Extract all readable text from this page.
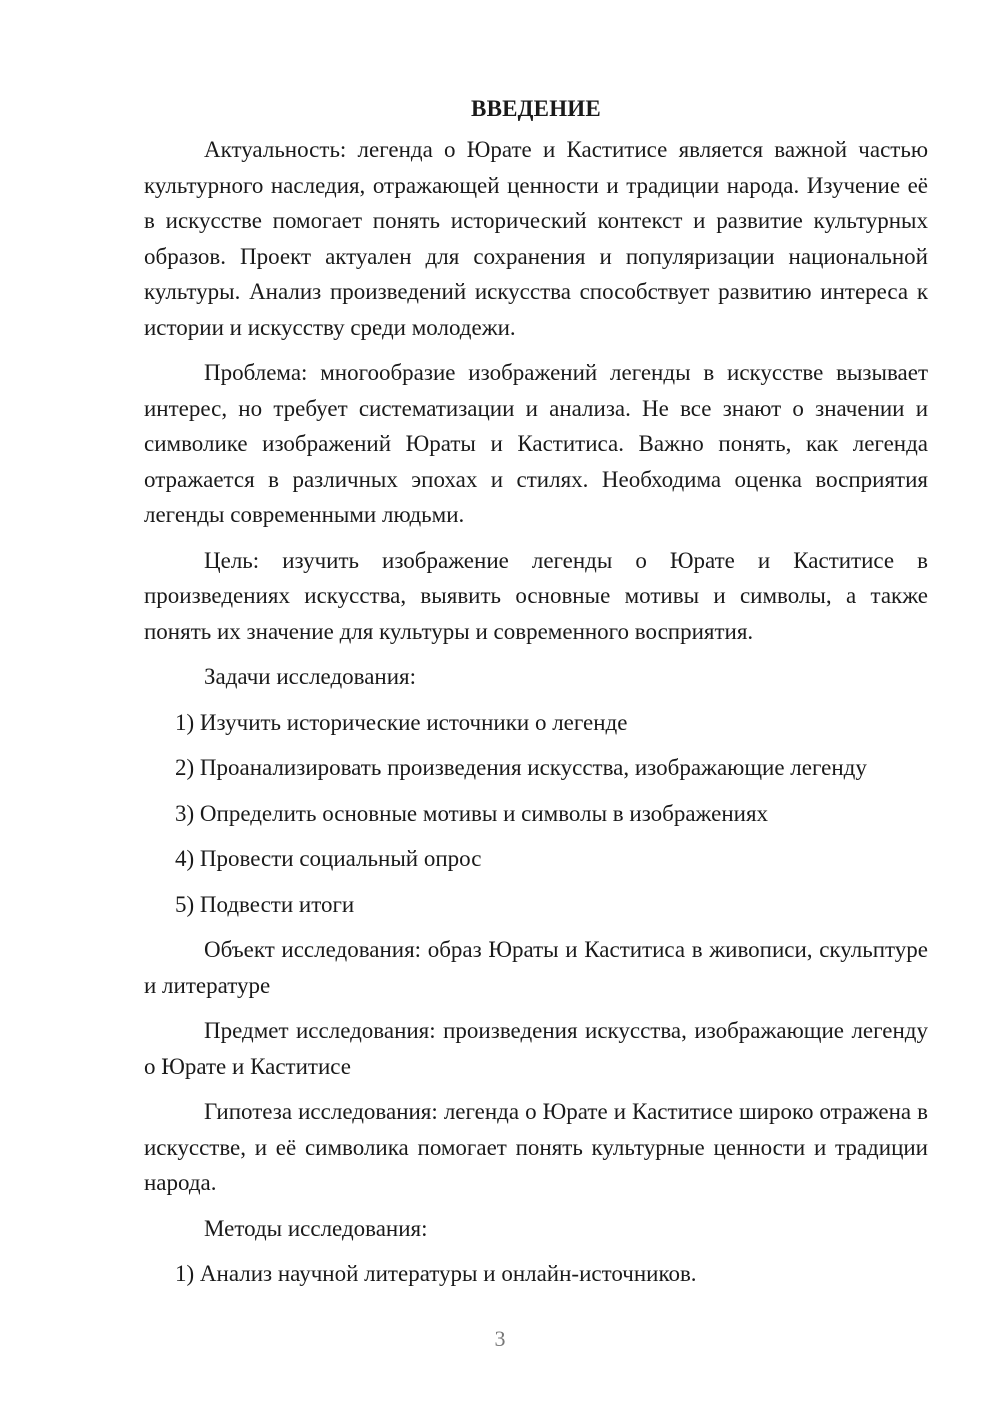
ВВЕДЕНИЕ

Актуальность: легенда о Юрате и Каститисе является важной частью культурного наследия, отражающей ценности и традиции народа. Изучение её в искусстве помогает понять исторический контекст и развитие культурных образов. Проект актуален для сохранения и популяризации национальной культуры. Анализ произведений искусства способствует развитию интереса к истории и искусству среди молодежи.

Проблема: многообразие изображений легенды в искусстве вызывает интерес, но требует систематизации и анализа. Не все знают о значении и символике изображений Юраты и Каститиса. Важно понять, как легенда отражается в различных эпохах и стилях. Необходима оценка восприятия легенды современными людьми.

Цель: изучить изображение легенды о Юрате и Каститисе в произведениях искусства, выявить основные мотивы и символы, а также понять их значение для культуры и современного восприятия.

Задачи исследования:

1) Изучить исторические источники о легенде

2) Проанализировать произведения искусства, изображающие легенду

3) Определить основные мотивы и символы в изображениях

4) Провести социальный опрос

5) Подвести итоги

Объект исследования: образ Юраты и Каститиса в живописи, скульптуре и литературе

Предмет исследования: произведения искусства, изображающие легенду о Юрате и Каститисе

Гипотеза исследования: легенда о Юрате и Каститисе широко отражена в искусстве, и её символика помогает понять культурные ценности и традиции народа.

Методы исследования:

1) Анализ научной литературы и онлайн-источников.

3
